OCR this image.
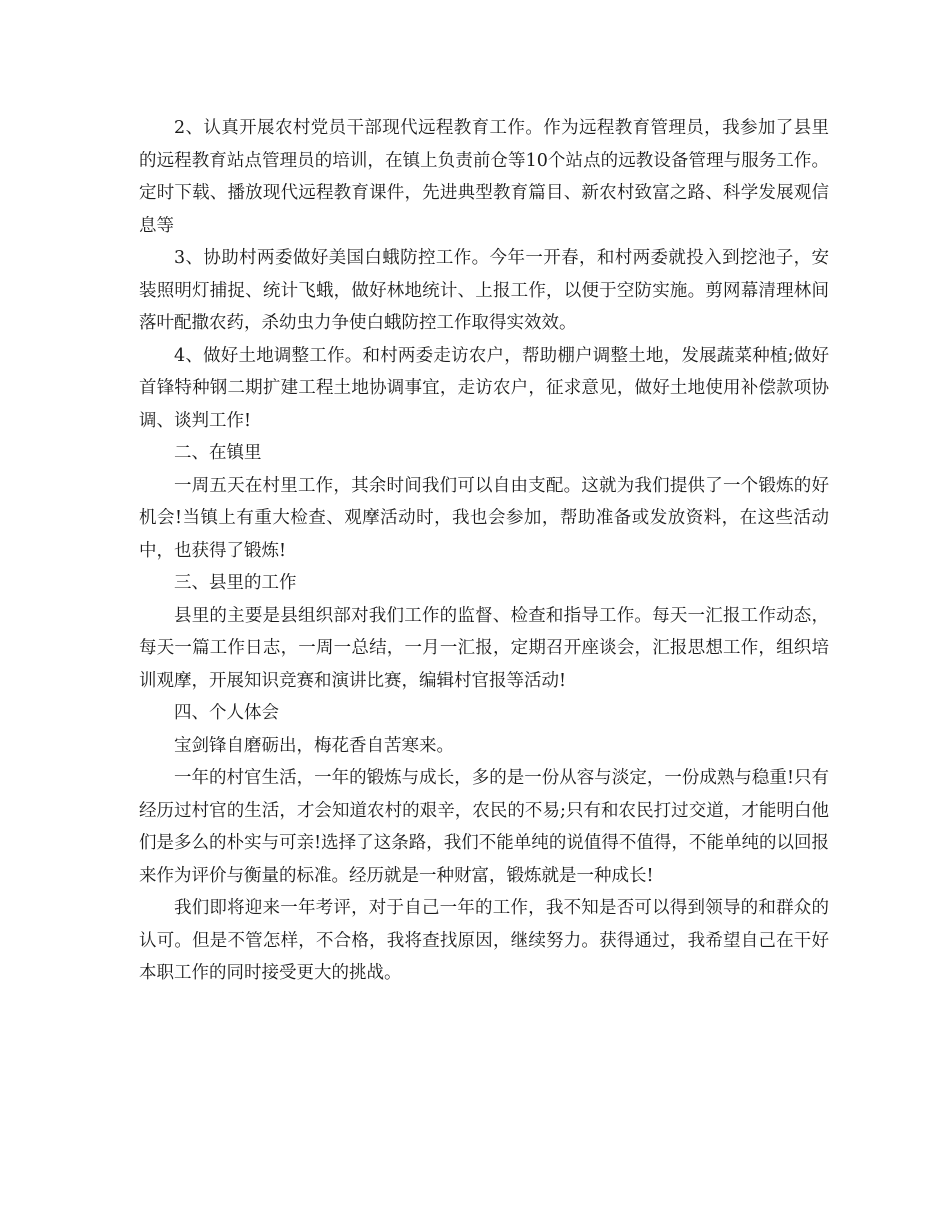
2、认真开展农村党员干部现代远程教育工作。作为远程教育管理员，我参加了县里的远程教育站点管理员的培训，在镇上负责前仓等10个站点的远教设备管理与服务工作。定时下载、播放现代远程教育课件，先进典型教育篇目、新农村致富之路、科学发展观信息等

3、协助村两委做好美国白蛾防控工作。今年一开春，和村两委就投入到挖池子，安装照明灯捕捉、统计飞蛾，做好林地统计、上报工作，以便于空防实施。剪网幕清理林间落叶配撒农药，杀幼虫力争使白蛾防控工作取得实效效。

4、做好土地调整工作。和村两委走访农户，帮助棚户调整土地，发展蔬菜种植;做好首锋特种钢二期扩建工程土地协调事宜，走访农户，征求意见，做好土地使用补偿款项协调、谈判工作!

二、在镇里

一周五天在村里工作，其余时间我们可以自由支配。这就为我们提供了一个锻炼的好机会!当镇上有重大检查、观摩活动时，我也会参加，帮助准备或发放资料，在这些活动中，也获得了锻炼!

三、县里的工作

县里的主要是县组织部对我们工作的监督、检查和指导工作。每天一汇报工作动态，每天一篇工作日志，一周一总结，一月一汇报，定期召开座谈会，汇报思想工作，组织培训观摩，开展知识竞赛和演讲比赛，编辑村官报等活动!

四、个人体会

宝剑锋自磨砺出，梅花香自苦寒来。

一年的村官生活，一年的锻炼与成长，多的是一份从容与淡定，一份成熟与稳重!只有经历过村官的生活，才会知道农村的艰辛，农民的不易;只有和农民打过交道，才能明白他们是多么的朴实与可亲!选择了这条路，我们不能单纯的说值得不值得，不能单纯的以回报来作为评价与衡量的标准。经历就是一种财富，锻炼就是一种成长!

我们即将迎来一年考评，对于自己一年的工作，我不知是否可以得到领导的和群众的认可。但是不管怎样，不合格，我将查找原因，继续努力。获得通过，我希望自己在干好本职工作的同时接受更大的挑战。
